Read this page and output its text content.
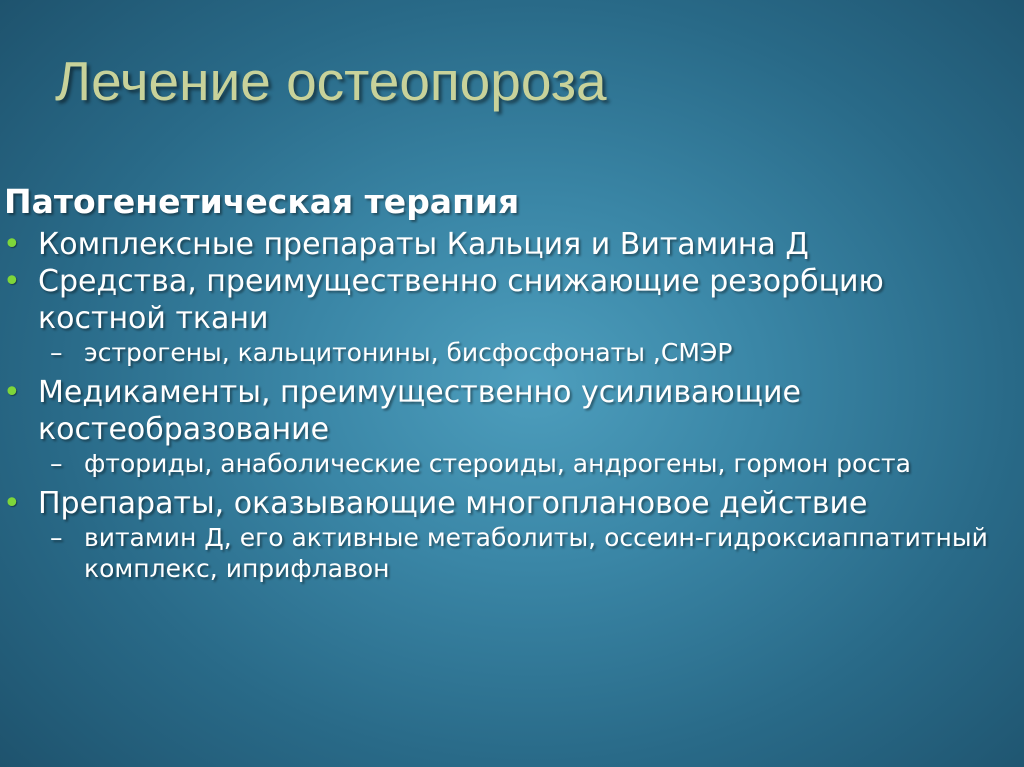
Лечение остеопороза
Патогенетическая терапия
• Комплексные препараты Кальция и Витамина Д
• Средства, преимущественно снижающие резорбцию костной ткани
– эстрогены, кальцитонины, бисфосфонаты ,СМЭР
• Медикаменты, преимущественно усиливающие костеобразование
– фториды, анаболические стероиды, андрогены, гормон роста
• Препараты, оказывающие многоплановое действие
– витамин Д, его активные метаболиты, оссеин-гидроксиаппатитный комплекс, иприфлавон
